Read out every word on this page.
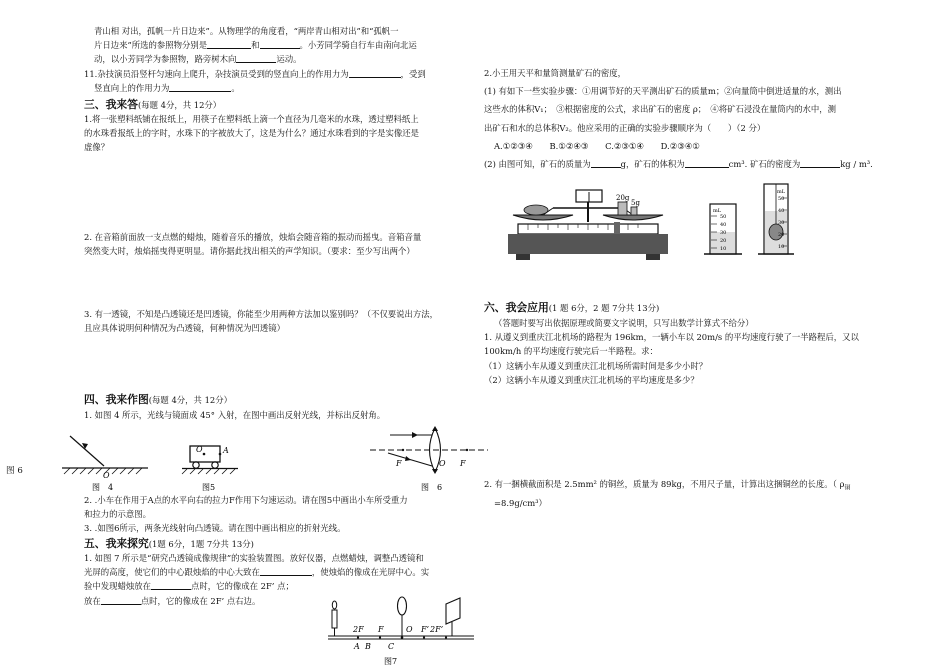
青山相 对出，孤帆一片日边来”。从物理学的角度看，“两岸青山相对出”和“孤帆一
片日边来”所选的参照物分别是	和	。小芳同学骑自行车由南向北运
动，以小芳同学为参照物，路旁树木向	运动。
11.杂技演员沿竖杆匀速向上爬升，杂技演员受到的竖直向上的作用力为	，受到
竖直向上的作用力为	。
三、我来答(每题 4分，共 12分）
1.将一张塑料纸铺在报纸上，用筷子在塑料纸上滴一个直径为几毫米的水珠，透过塑料纸上
的水珠看报纸上的字时，水珠下的字被放大了，这是为什么？通过水珠看到的字是实像还是
虚像？
2. 在音箱前面放一支点燃的蜡烛，随着音乐的播放，烛焰会随音箱的振动而摇曳。音箱音量
突然变大时，烛焰摇曳得更明显。请你据此找出相关的声学知识。（要求：至少写出两个）
3. 有一透镜，不知是凸透镜还是凹透镜，你能至少用两种方法加以鉴别吗？（不仅要说出方法，
且应具体说明何种情况为凸透镜，何种情况为凹透镜）
四、我来作图(每题 4分，共 12分）
1. 如图 4 所示，光线与镜面成 45° 入射，在图中画出反射光线，并标出反射角。
O
图　4
O	A
图5
F	O F
图　6
2. .小车在作用于A点的水平向右的拉力F作用下匀速运动。请在图5中画出小车所受重力
和拉力的示意图。
3. .如图6所示，两条光线射向凸透镜。请在图中画出相应的折射光线。
五、我来探究(1题 6分，1题 7分共 13分)
1. 如图 7 所示是“研究凸透镜成像规律”的实验装置图。放好仪器，点燃蜡烛，调整凸透镜和
光屏的高度，使它们的中心跟烛焰的中心大致在	，使烛焰的像成在光屏中心。实
验中发现蜡烛放在	点时，它的像成在 2F’ 点；
放在	点时，它的像成在 2F’ 点右边。
2F F	O F’ 2F’
A B C
图7
图 6
2.小王用天平和量筒测量矿石的密度，
(1) 有如下一些实验步骤：①用调节好的天平测出矿石的质量m；②向量筒中倒进适量的水，测出
这些水的体积V₁；　③根据密度的公式，求出矿石的密度 ρ；　④将矿石浸没在量筒内的水中，测
出矿石和水的总体积V₂。他应采用的正确的实验步骤顺序为（　　）（2 分）
A.①②③④　　B.①②④③　　C.②③①④　　D.②③④①
(2) 由图可知，矿石的质量为	g，矿石的体积为	cm³. 矿石的密度为	kg / m³.
20g
5g
mL
50
40
30
20
10
mL
50
40
30
20
10
六、我会应用(1 题 6分，2 题 7分共 13分)
（答题时要写出依据原理或简要文字说明，只写出数学计算式不给分）
1. 从遵义到重庆江北机场的路程为 196km，一辆小车以 20m/s 的平均速度行驶了一半路程后，又以
100km/h 的平均速度行驶完后一半路程。求：
（1）这辆小车从遵义到重庆江北机场所需时间是多少小时？
（2）这辆小车从遵义到重庆江北机场的平均速度是多少？
2. 有一捆横截面积是 2.5mm² 的铜丝，质量为 89kg，不用尺子量，计算出这捆铜丝的长度。（ $\rho_铜$
=8.9g/cm³）
